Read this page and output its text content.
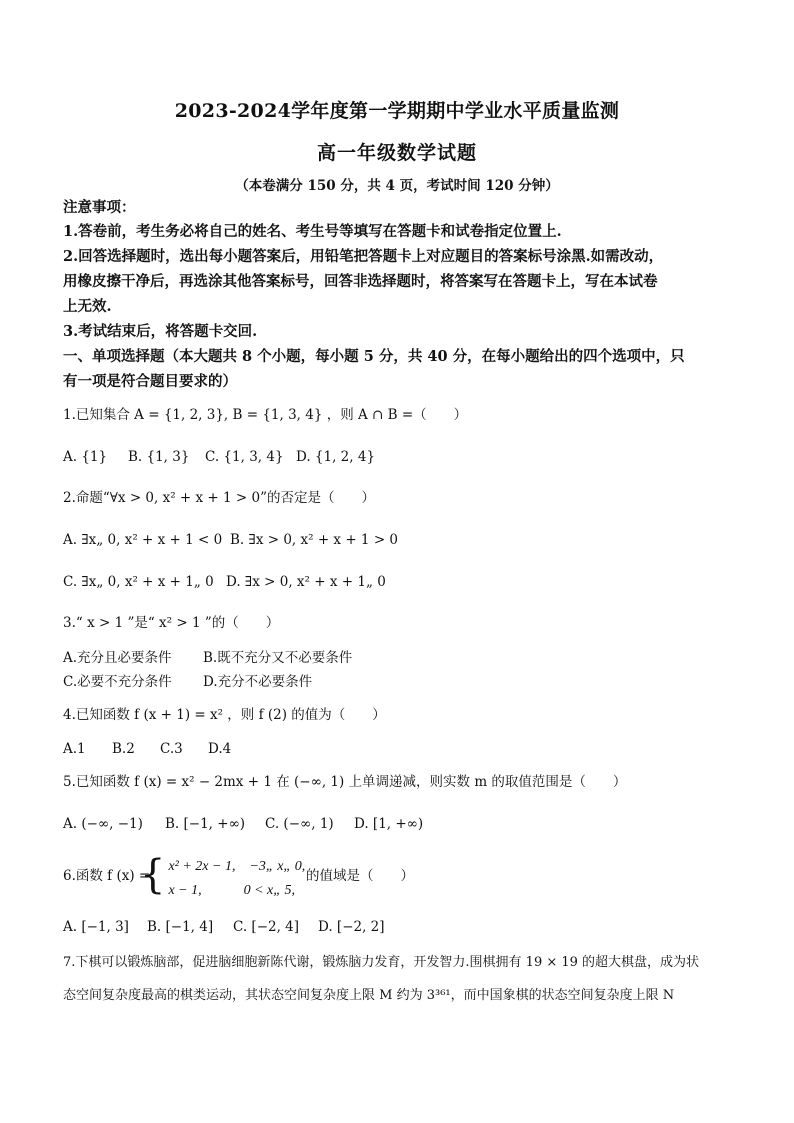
2023-2024学年度第一学期期中学业水平质量监测
高一年级数学试题
（本卷满分 150 分，共 4 页，考试时间 120 分钟）
注意事项：
1.答卷前，考生务必将自己的姓名、考生号等填写在答题卡和试卷指定位置上.
2.回答选择题时，选出每小题答案后，用铅笔把答题卡上对应题目的答案标号涂黑.如需改动，
用橡皮擦干净后，再选涂其他答案标号，回答非选择题时，将答案写在答题卡上，写在本试卷
上无效.
3.考试结束后，将答题卡交回.
一、单项选择题（本大题共 8 个小题，每小题 5 分，共 40 分，在每小题给出的四个选项中，只
有一项是符合题目要求的）
1.已知集合 A = {1, 2, 3}, B = {1, 3, 4} ，则 A ∩ B =（　　）
A. {1} B. {1, 3} C. {1, 3, 4} D. {1, 2, 4}
2.命题“∀x > 0, x² + x + 1 > 0”的否定是（　　）
A. ∃x„ 0, x² + x + 1 < 0 B. ∃x > 0, x² + x + 1 > 0
C. ∃x„ 0, x² + x + 1„ 0 D. ∃x > 0, x² + x + 1„ 0
3.“ x > 1 ”是“ x² > 1 ”的（　　）
A.充分且必要条件 B.既不充分又不必要条件
C.必要不充分条件 D.充分不必要条件
4.已知函数 f (x + 1) = x² ，则 f (2) 的值为（　　）
A.1 B.2 C.3 D.4
5.已知函数 f (x) = x² − 2mx + 1 在 (−∞, 1) 上单调递减，则实数 m 的取值范围是（　　）
A. (−∞, −1) B. [−1, +∞) C. (−∞, 1) D. [1, +∞)
6.函数 f (x) =
{ x² + 2x − 1,　−3„ x„ 0,
x − 1,　　　0 < x„ 5,
的值域是（　　）
A. [−1, 3] B. [−1, 4] C. [−2, 4] D. [−2, 2]
7.下棋可以锻炼脑部，促进脑细胞新陈代谢，锻炼脑力发育，开发智力.围棋拥有 19 × 19 的超大棋盘，成为状
态空间复杂度最高的棋类运动，其状态空间复杂度上限 M 约为 3³⁶¹，而中国象棋的状态空间复杂度上限 N
